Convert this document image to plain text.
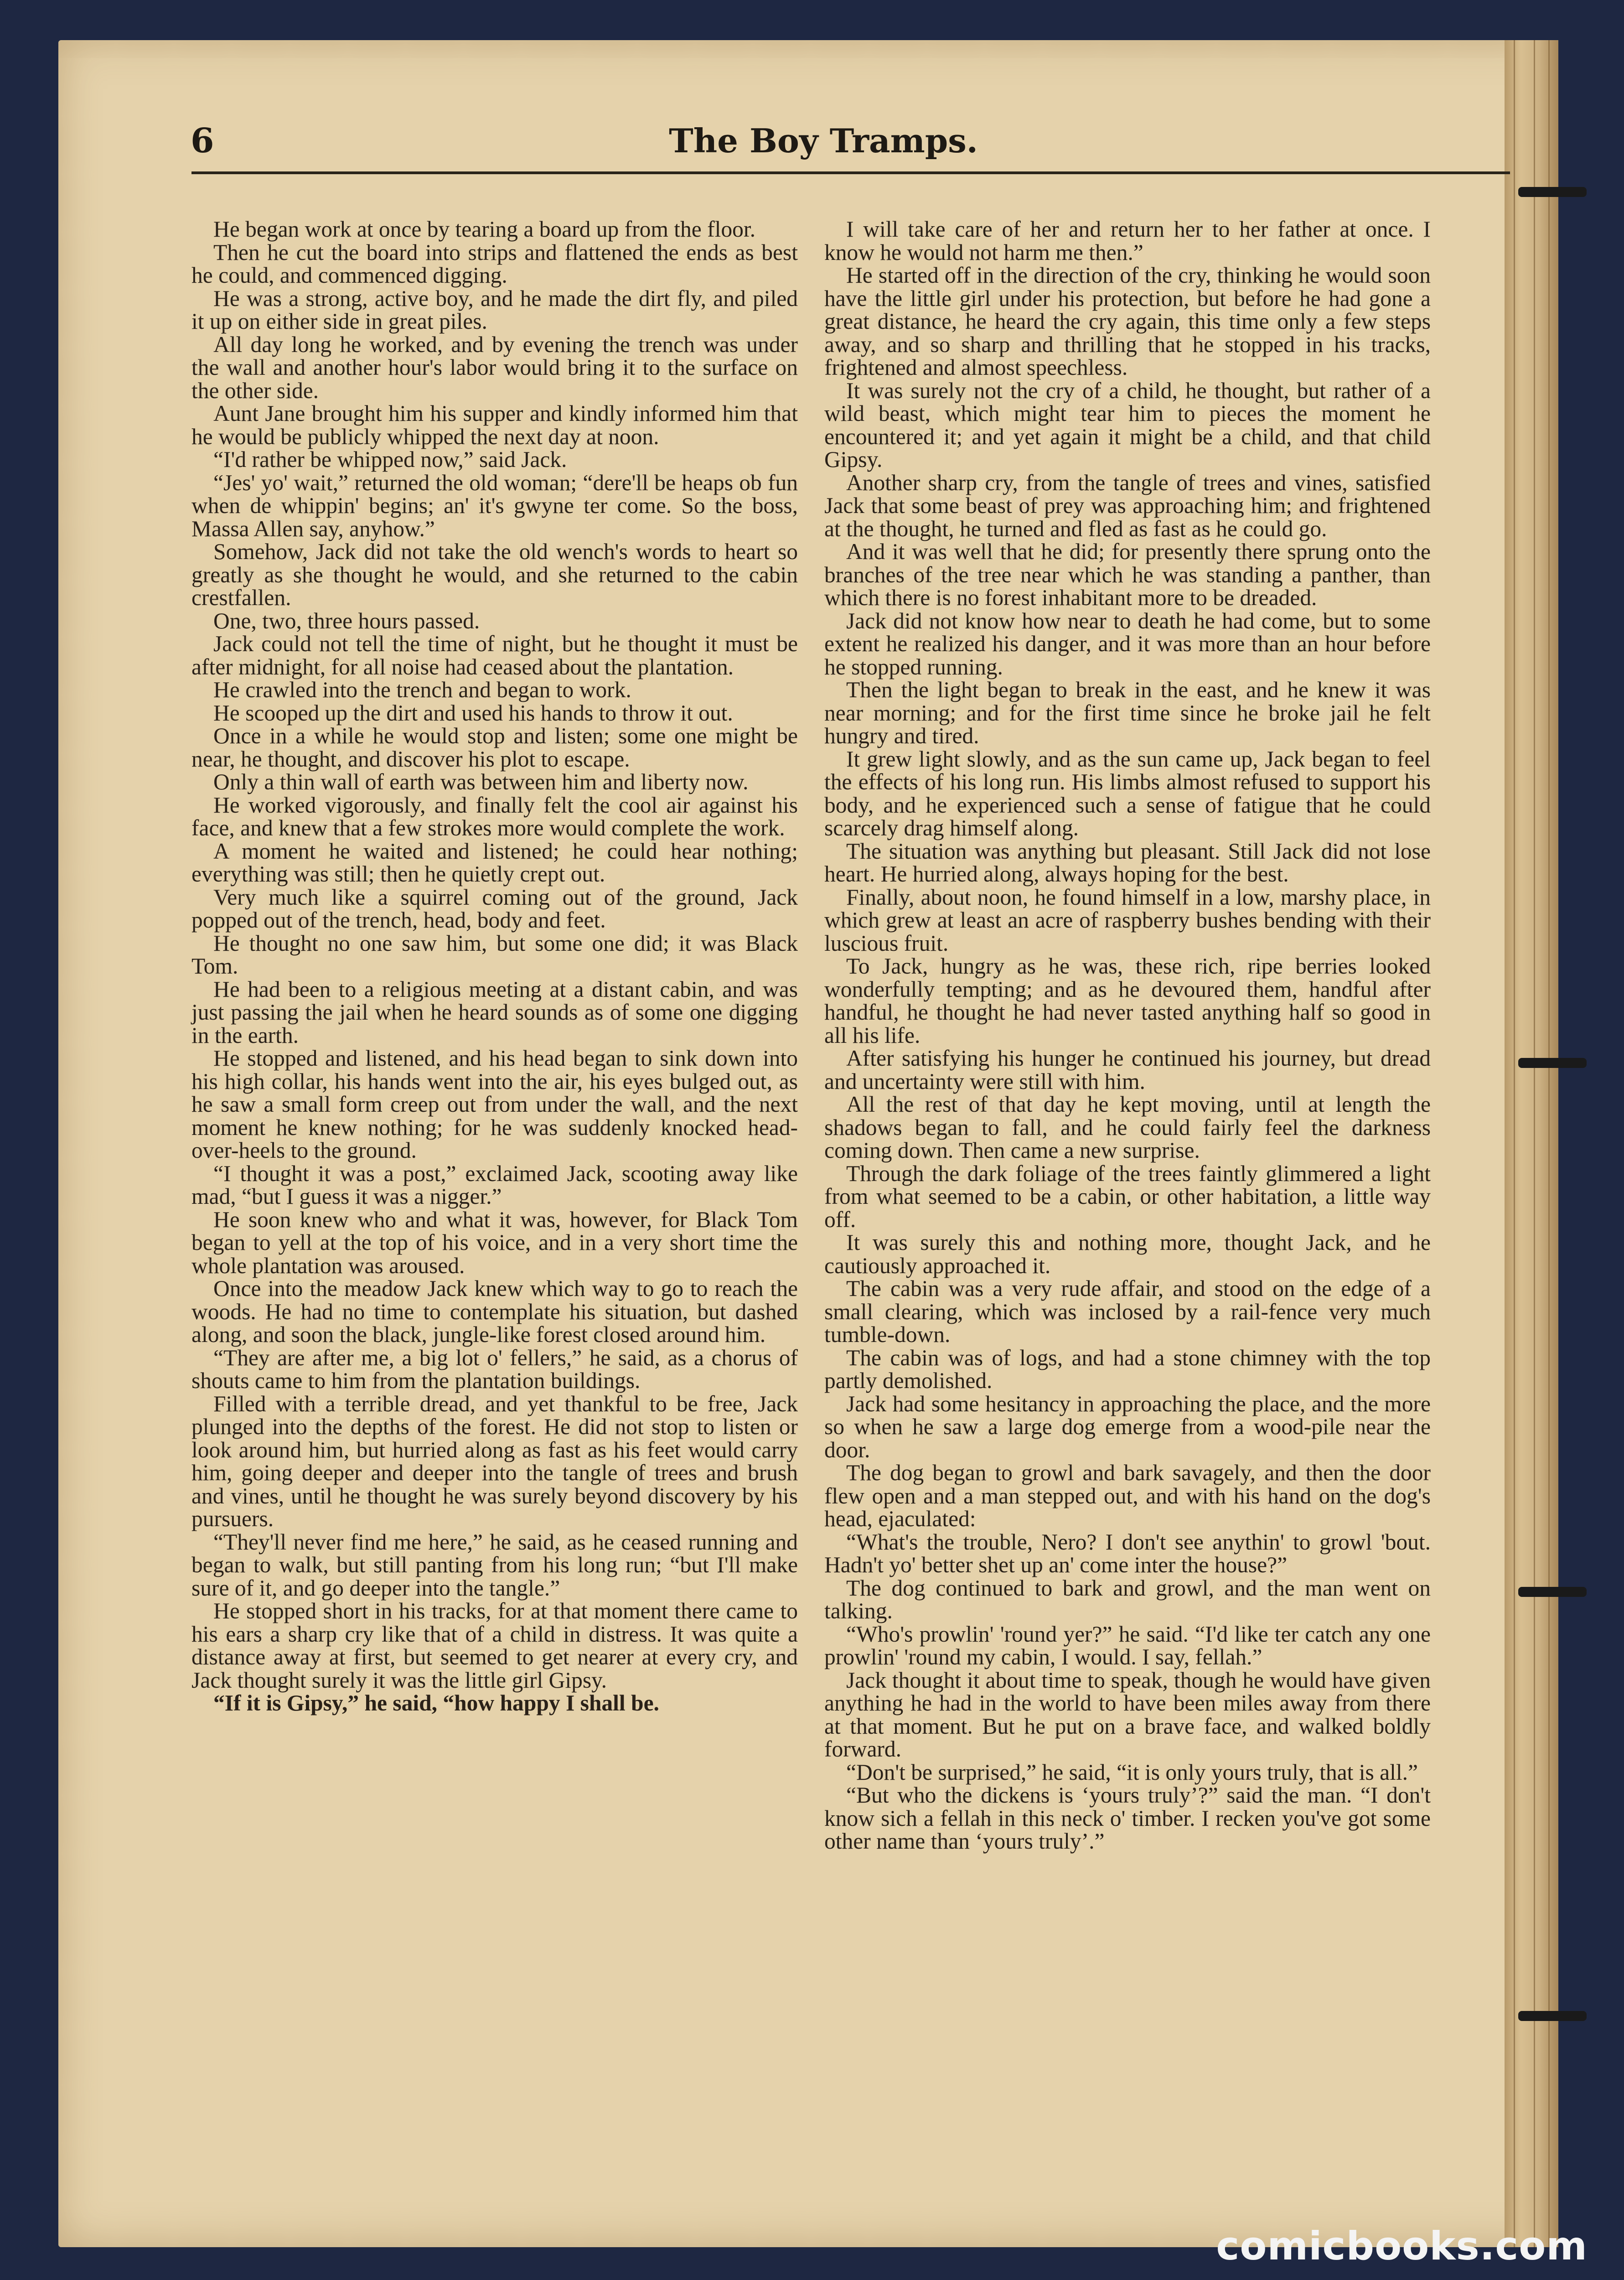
6	The Boy Tramps.

He began work at once by tearing a board up from the floor.

Then he cut the board into strips and flattened the ends as best he could, and commenced digging.

He was a strong, active boy, and he made the dirt fly, and piled it up on either side in great piles.

All day long he worked, and by evening the trench was under the wall and another hour's labor would bring it to the surface on the other side.

Aunt Jane brought him his supper and kindly informed him that he would be publicly whipped the next day at noon.

“I'd rather be whipped now,” said Jack.

“Jes' yo' wait,” returned the old woman; “dere'll be heaps ob fun when de whippin' begins; an' it's gwyne ter come. So the boss, Massa Allen say, anyhow.”

Somehow, Jack did not take the old wench's words to heart so greatly as she thought he would, and she returned to the cabin crestfallen.

One, two, three hours passed.

Jack could not tell the time of night, but he thought it must be after midnight, for all noise had ceased about the plantation.

He crawled into the trench and began to work.

He scooped up the dirt and used his hands to throw it out.

Once in a while he would stop and listen; some one might be near, he thought, and discover his plot to escape.

Only a thin wall of earth was between him and liberty now.

He worked vigorously, and finally felt the cool air against his face, and knew that a few strokes more would complete the work.

A moment he waited and listened; he could hear nothing; everything was still; then he quietly crept out.

Very much like a squirrel coming out of the ground, Jack popped out of the trench, head, body and feet.

He thought no one saw him, but some one did; it was Black Tom.

He had been to a religious meeting at a distant cabin, and was just passing the jail when he heard sounds as of some one digging in the earth.

He stopped and listened, and his head began to sink down into his high collar, his hands went into the air, his eyes bulged out, as he saw a small form creep out from under the wall, and the next moment he knew nothing; for he was suddenly knocked head-over-heels to the ground.

“I thought it was a post,” exclaimed Jack, scooting away like mad, “but I guess it was a nigger.”

He soon knew who and what it was, however, for Black Tom began to yell at the top of his voice, and in a very short time the whole plantation was aroused.

Once into the meadow Jack knew which way to go to reach the woods. He had no time to contemplate his situation, but dashed along, and soon the black, jungle-like forest closed around him.

“They are after me, a big lot o' fellers,” he said, as a chorus of shouts came to him from the plantation buildings.

Filled with a terrible dread, and yet thankful to be free, Jack plunged into the depths of the forest. He did not stop to listen or look around him, but hurried along as fast as his feet would carry him, going deeper and deeper into the tangle of trees and brush and vines, until he thought he was surely beyond discovery by his pursuers.

“They'll never find me here,” he said, as he ceased running and began to walk, but still panting from his long run; “but I'll make sure of it, and go deeper into the tangle.”

He stopped short in his tracks, for at that moment there came to his ears a sharp cry like that of a child in distress. It was quite a distance away at first, but seemed to get nearer at every cry, and Jack thought surely it was the little girl Gipsy.

“If it is Gipsy,” he said, “how happy I shall be.

I will take care of her and return her to her father at once. I know he would not harm me then.”

He started off in the direction of the cry, thinking he would soon have the little girl under his protection, but before he had gone a great distance, he heard the cry again, this time only a few steps away, and so sharp and thrilling that he stopped in his tracks, frightened and almost speechless.

It was surely not the cry of a child, he thought, but rather of a wild beast, which might tear him to pieces the moment he encountered it; and yet again it might be a child, and that child Gipsy.

Another sharp cry, from the tangle of trees and vines, satisfied Jack that some beast of prey was approaching him; and frightened at the thought, he turned and fled as fast as he could go.

And it was well that he did; for presently there sprung onto the branches of the tree near which he was standing a panther, than which there is no forest inhabitant more to be dreaded.

Jack did not know how near to death he had come, but to some extent he realized his danger, and it was more than an hour before he stopped running.

Then the light began to break in the east, and he knew it was near morning; and for the first time since he broke jail he felt hungry and tired.

It grew light slowly, and as the sun came up, Jack began to feel the effects of his long run. His limbs almost refused to support his body, and he experienced such a sense of fatigue that he could scarcely drag himself along.

The situation was anything but pleasant. Still Jack did not lose heart. He hurried along, always hoping for the best.

Finally, about noon, he found himself in a low, marshy place, in which grew at least an acre of raspberry bushes bending with their luscious fruit.

To Jack, hungry as he was, these rich, ripe berries looked wonderfully tempting; and as he devoured them, handful after handful, he thought he had never tasted anything half so good in all his life.

After satisfying his hunger he continued his journey, but dread and uncertainty were still with him.

All the rest of that day he kept moving, until at length the shadows began to fall, and he could fairly feel the darkness coming down. Then came a new surprise.

Through the dark foliage of the trees faintly glimmered a light from what seemed to be a cabin, or other habitation, a little way off.

It was surely this and nothing more, thought Jack, and he cautiously approached it.

The cabin was a very rude affair, and stood on the edge of a small clearing, which was inclosed by a rail-fence very much tumble-down.

The cabin was of logs, and had a stone chimney with the top partly demolished.

Jack had some hesitancy in approaching the place, and the more so when he saw a large dog emerge from a wood-pile near the door.

The dog began to growl and bark savagely, and then the door flew open and a man stepped out, and with his hand on the dog's head, ejaculated:

“What's the trouble, Nero? I don't see anythin' to growl 'bout. Hadn't yo' better shet up an' come inter the house?”

The dog continued to bark and growl, and the man went on talking.

“Who's prowlin' 'round yer?” he said. “I'd like ter catch any one prowlin' 'round my cabin, I would. I say, fellah.”

Jack thought it about time to speak, though he would have given anything he had in the world to have been miles away from there at that moment. But he put on a brave face, and walked boldly forward.

“Don't be surprised,” he said, “it is only yours truly, that is all.”

“But who the dickens is ‘yours truly’?” said the man. “I don't know sich a fellah in this neck o' timber. I recken you've got some other name than ‘yours truly’.”

comicbooks.com
